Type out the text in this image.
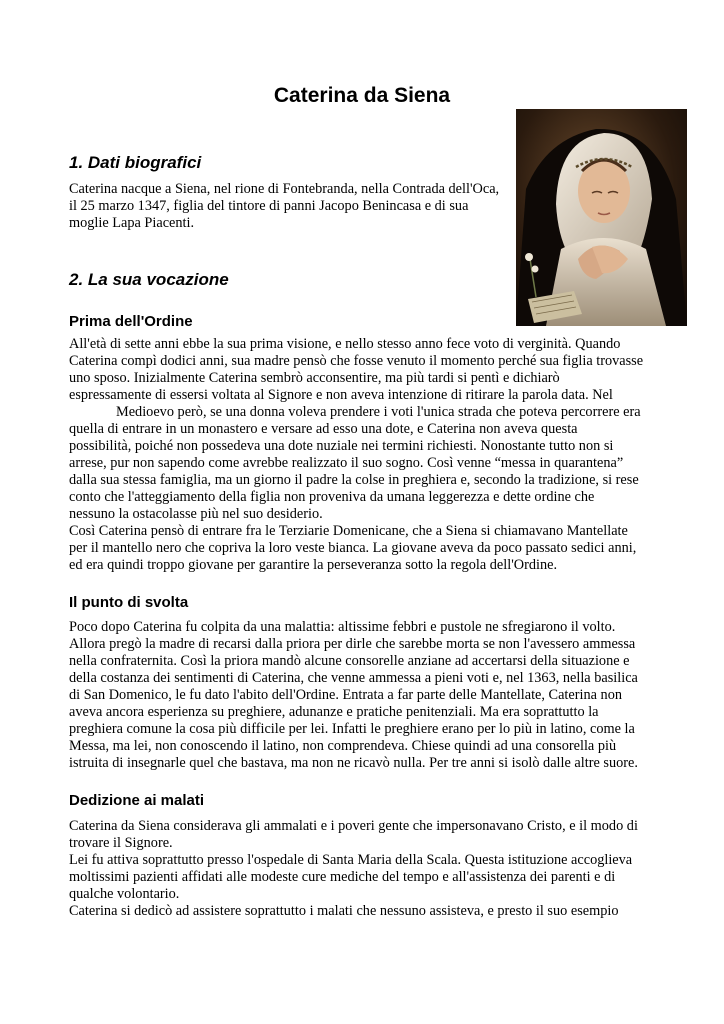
Caterina da Siena
1. Dati biografici
Caterina nacque a Siena, nel rione di Fontebranda, nella Contrada dell'Oca,
il 25 marzo 1347, figlia del tintore di panni Jacopo Benincasa e di sua
moglie Lapa Piacenti.
2. La sua vocazione
Prima dell'Ordine
All'età di sette anni ebbe la sua prima visione, e nello stesso anno fece voto di verginità. Quando
Caterina compì dodici anni, sua madre pensò che fosse venuto il momento perché sua figlia trovasse
uno sposo. Inizialmente Caterina sembrò acconsentire, ma più tardi si pentì e dichiarò
espressamente di essersi voltata al Signore e non aveva intenzione di ritirare la parola data. Nel
Medioevo però, se una donna voleva prendere i voti l'unica strada che poteva percorrere era
quella di entrare in un monastero e versare ad esso una dote, e Caterina non aveva questa
possibilità, poiché non possedeva una dote nuziale nei termini richiesti. Nonostante tutto non si
arrese, pur non sapendo come avrebbe realizzato il suo sogno. Così venne “messa in quarantena”
dalla sua stessa famiglia, ma un giorno il padre la colse in preghiera e, secondo la tradizione, si rese
conto che l'atteggiamento della figlia non proveniva da umana leggerezza e dette ordine che
nessuno la ostacolasse più nel suo desiderio.
Così Caterina pensò di entrare fra le Terziarie Domenicane, che a Siena si chiamavano Mantellate
per il mantello nero che copriva la loro veste bianca. La giovane aveva da poco passato sedici anni,
ed era quindi troppo giovane per garantire la perseveranza sotto la regola dell'Ordine.
Il punto di svolta
Poco dopo Caterina fu colpita da una malattia: altissime febbri e pustole ne sfregiarono il volto.
Allora pregò la madre di recarsi dalla priora per dirle che sarebbe morta se non l'avessero ammessa
nella confraternita. Così la priora mandò alcune consorelle anziane ad accertarsi della situazione e
della costanza dei sentimenti di Caterina, che venne ammessa a pieni voti e, nel 1363, nella basilica
di San Domenico, le fu dato l'abito dell'Ordine. Entrata a far parte delle Mantellate, Caterina non
aveva ancora esperienza su preghiere, adunanze e pratiche penitenziali. Ma era soprattutto la
preghiera comune la cosa più difficile per lei. Infatti le preghiere erano per lo più in latino, come la
Messa, ma lei, non conoscendo il latino, non comprendeva. Chiese quindi ad una consorella più
istruita di insegnarle quel che bastava, ma non ne ricavò nulla. Per tre anni si isolò dalle altre suore.
Dedizione ai malati
Caterina da Siena considerava gli ammalati e i poveri gente che impersonavano Cristo, e il modo di
trovare il Signore.
Lei fu attiva soprattutto presso l'ospedale di Santa Maria della Scala. Questa istituzione accoglieva
moltissimi pazienti affidati alle modeste cure mediche del tempo e all'assistenza dei parenti e di
qualche volontario.
Caterina si dedicò ad assistere soprattutto i malati che nessuno assisteva, e presto il suo esempio
